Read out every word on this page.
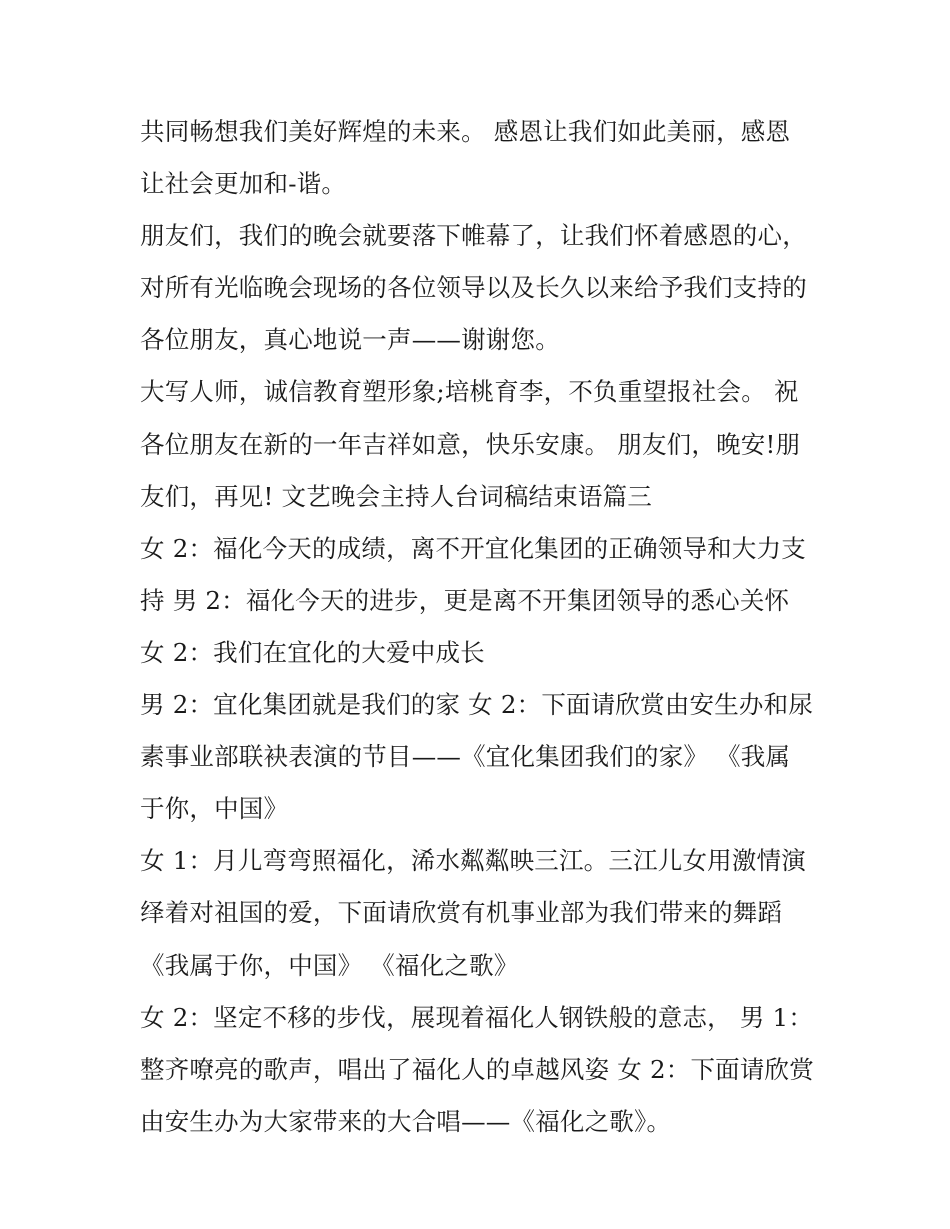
共同畅想我们美好辉煌的未来。 感恩让我们如此美丽，感恩
让社会更加和-谐。
朋友们，我们的晚会就要落下帷幕了，让我们怀着感恩的心，
对所有光临晚会现场的各位领导以及长久以来给予我们支持的
各位朋友，真心地说一声——谢谢您。
大写人师，诚信教育塑形象;培桃育李，不负重望报社会。 祝
各位朋友在新的一年吉祥如意，快乐安康。 朋友们，晚安!朋
友们，再见! 文艺晚会主持人台词稿结束语篇三
女 2：福化今天的成绩，离不开宜化集团的正确领导和大力支
持 男 2：福化今天的进步，更是离不开集团领导的悉心关怀
女 2：我们在宜化的大爱中成长
男 2：宜化集团就是我们的家 女 2：下面请欣赏由安生办和尿
素事业部联袂表演的节目——《宜化集团我们的家》 《我属
于你，中国》
女 1：月儿弯弯照福化，浠水粼粼映三江。三江儿女用激情演
绎着对祖国的爱，下面请欣赏有机事业部为我们带来的舞蹈
《我属于你，中国》 《福化之歌》
女 2：坚定不移的步伐，展现着福化人钢铁般的意志， 男 1：
整齐嘹亮的歌声，唱出了福化人的卓越风姿 女 2：下面请欣赏
由安生办为大家带来的大合唱——《福化之歌》。
